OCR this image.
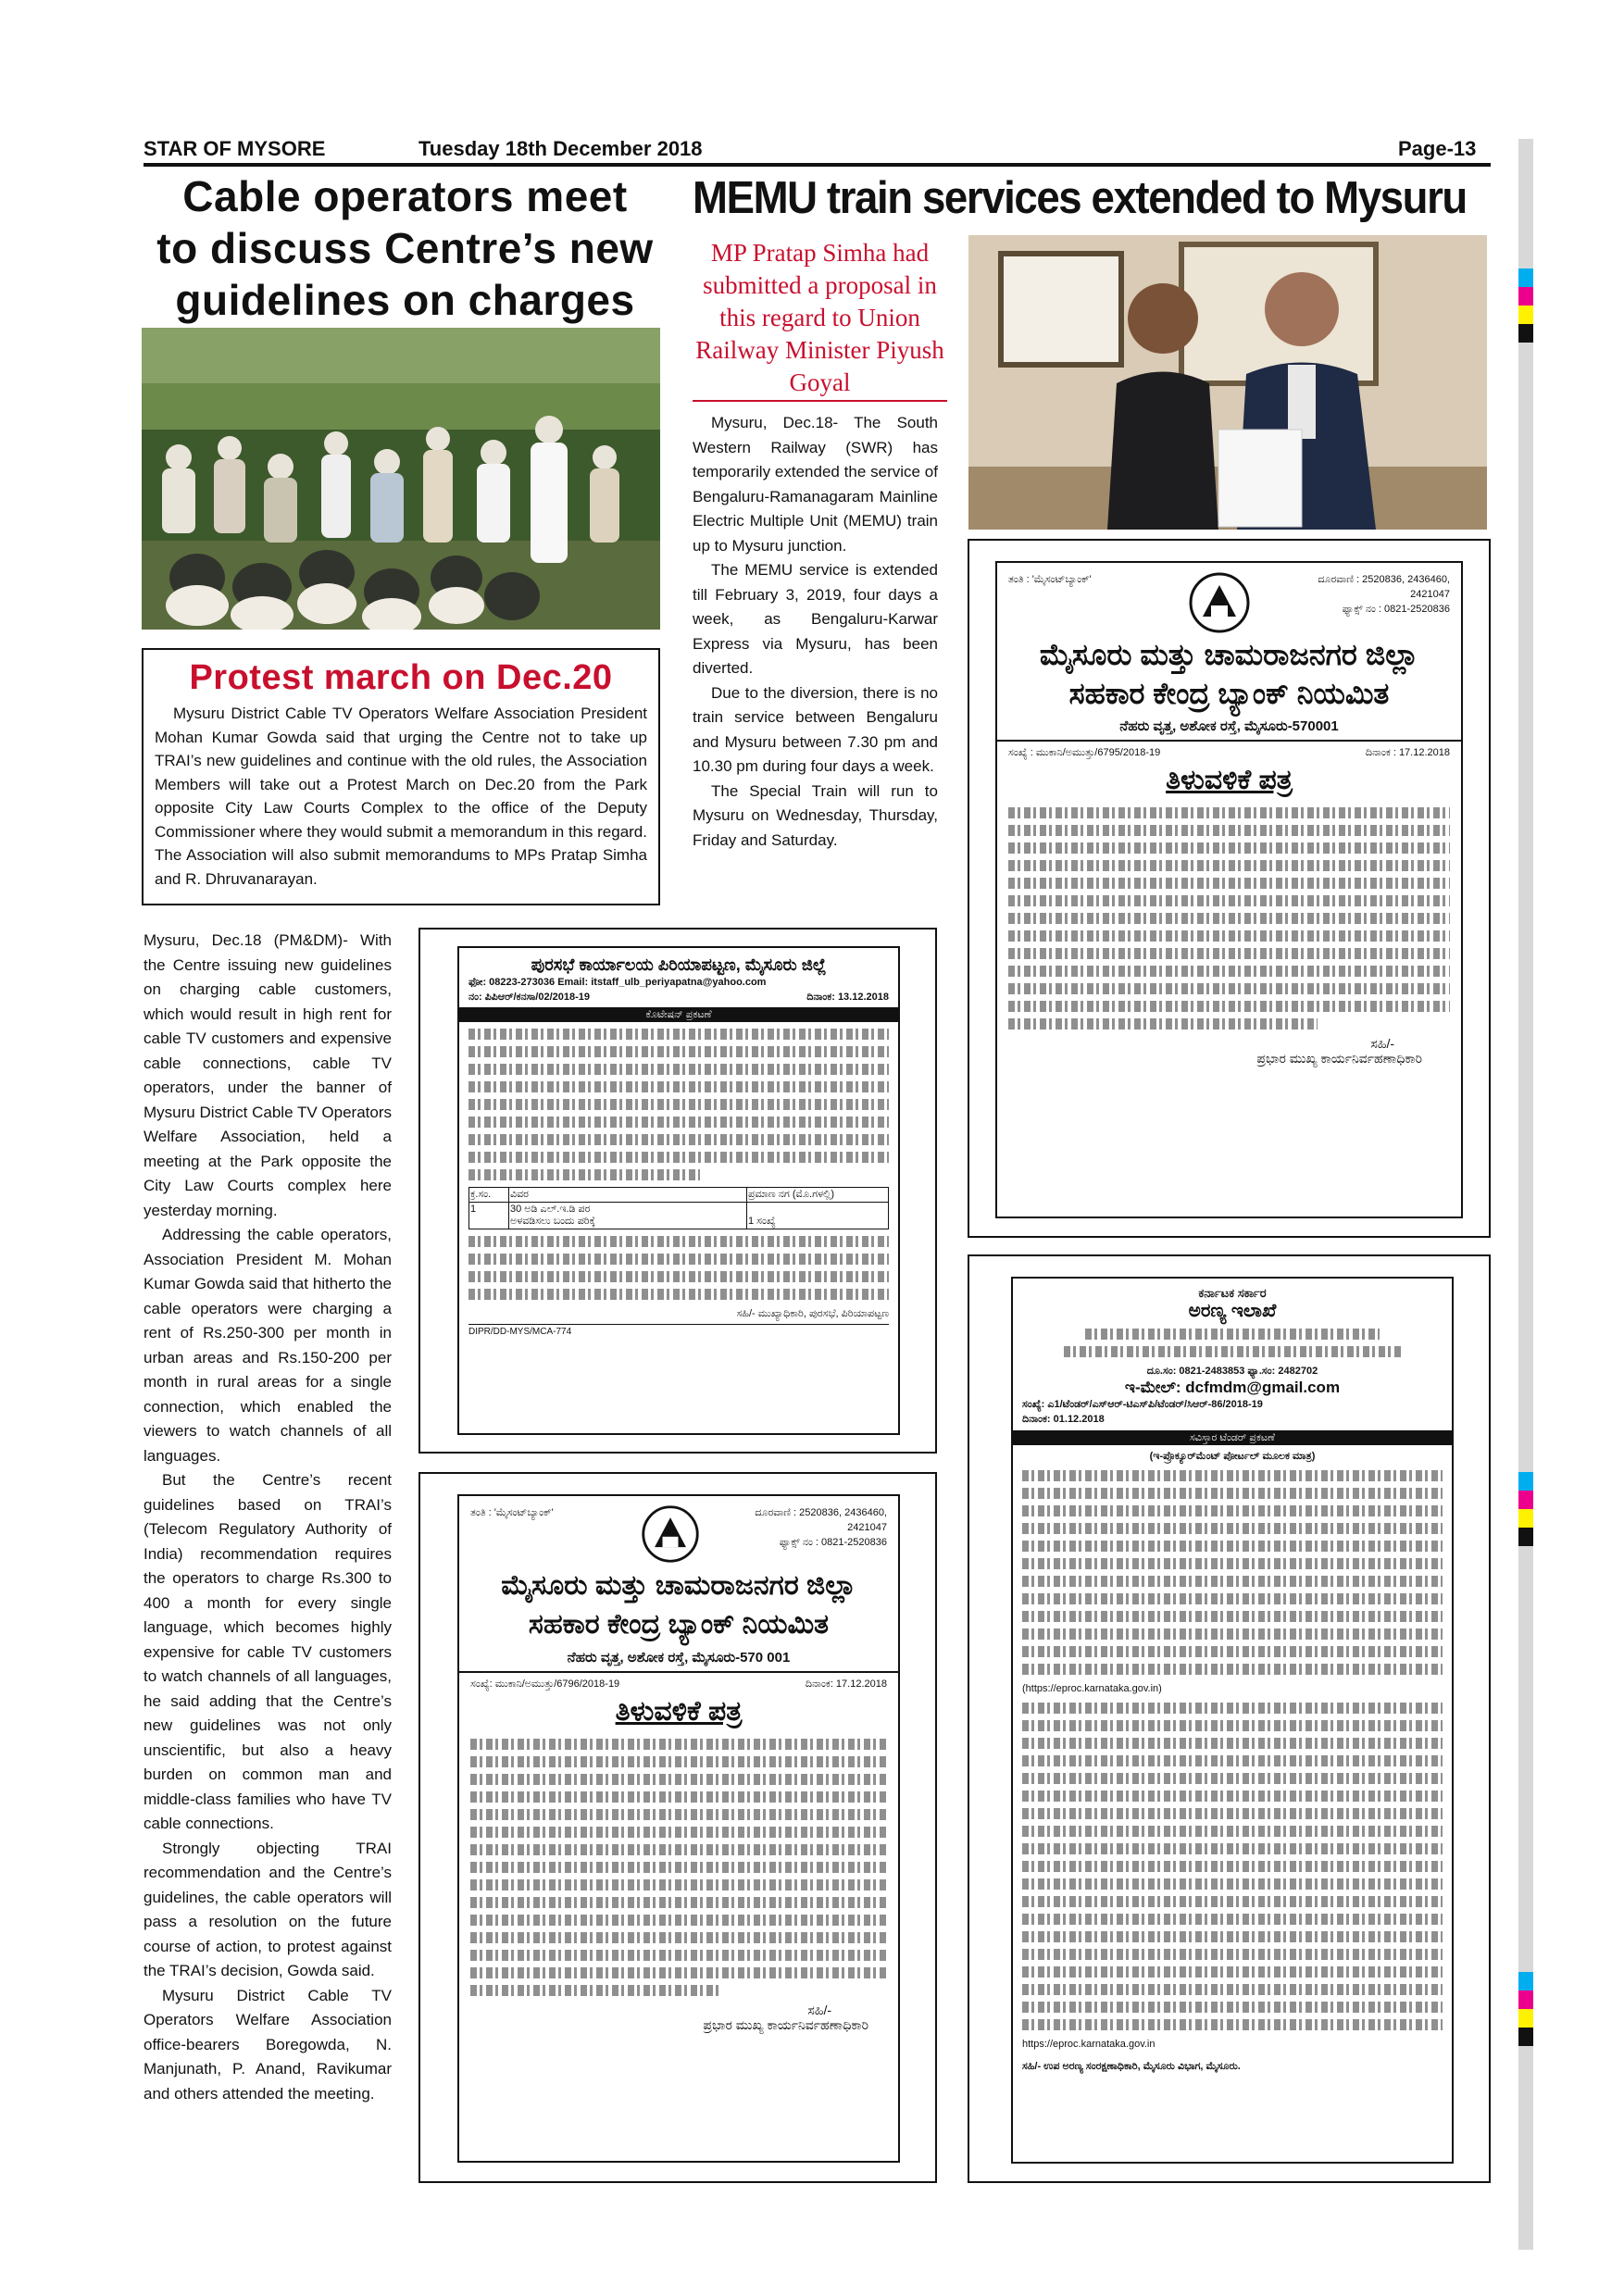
STAR OF MYSORE	Tuesday 18th December 2018	Page-13
Cable operators meet
to discuss Centre’s new
guidelines on charges
Protest march on Dec.20
Mysuru District Cable TV Operators Welfare Association President Mohan Kumar Gowda said that urging the Centre not to take up TRAI’s new guidelines and continue with the old rules, the Association Members will take out a Protest March on Dec.20 from the Park opposite City Law Courts Complex to the office of the Deputy Commissioner where they would submit a memorandum in this regard. The Association will also submit memorandums to MPs Pratap Simha and R. Dhruvanarayan.

Mysuru, Dec.18 (PM&DM)- With the Centre issuing new guidelines on charging cable customers, which would result in high rent for cable TV customers and expensive cable connections, cable TV operators, under the banner of Mysuru District Cable TV Operators Welfare Association, held a meeting at the Park opposite the City Law Courts complex here yesterday morning.

Addressing the cable operators, Association President M. Mohan Kumar Gowda said that hitherto the cable operators were charging a rent of Rs.250-300 per month in urban areas and Rs.150-200 per month in rural areas for a single connection, which enabled the viewers to watch channels of all languages.

But the Centre’s recent guidelines based on TRAI’s (Telecom Regulatory Authority of India) recommendation requires the operators to charge Rs.300 to 400 a month for every single language, which becomes highly expensive for cable TV customers to watch channels of all languages, he said adding that the Centre’s new guidelines was not only unscientific, but also a heavy burden on common man and middle-class families who have TV cable connections.

Strongly objecting TRAI recommendation and the Centre’s guidelines, the cable operators will pass a resolution on the future course of action, to protest against the TRAI’s decision, Gowda said.

Mysuru District Cable TV Operators Welfare Association office-bearers Boregowda, N. Manjunath, P. Anand, Ravikumar and others attended the meeting.

MEMU train services extended to Mysuru
MP Pratap Simha had submitted a proposal in this regard to Union Railway Minister Piyush Goyal

Mysuru, Dec.18- The South Western Railway (SWR) has temporarily extended the service of Bengaluru-Ramanagaram Mainline Electric Multiple Unit (MEMU) train up to Mysuru junction.

The MEMU service is extended till February 3, 2019, four days a week, as Bengaluru-Karwar Express via Mysuru, has been diverted.

Due to the diversion, there is no train service between Bengaluru and Mysuru between 7.30 pm and 10.30 pm during four days a week.

The Special Train will run to Mysuru on Wednesday, Thursday, Friday and Saturday.

ತಂತಿ : 'ಮೈಸಂಟ್‌ಬ್ಯಾಂಕ್'	ದೂರವಾಣಿ : 2520836, 2436460, 2421047
ಫ್ಯಾಕ್ಸ್ ನಂ : 0821-2520836
ಮೈಸೂರು ಮತ್ತು ಚಾಮರಾಜನಗರ ಜಿಲ್ಲಾ
ಸಹಕಾರ ಕೇಂದ್ರ ಬ್ಯಾಂಕ್ ನಿಯಮಿತ
ನೆಹರು ವೃತ್ತ, ಅಶೋಕ ರಸ್ತೆ, ಮೈಸೂರು-570001
ಸಂಖ್ಯೆ : ಮುಕಾನಿ/ಅಮುತ್ತು/6795/2018-19	ದಿನಾಂಕ : 17.12.2018
ತಿಳುವಳಿಕೆ ಪತ್ರ
ಸಹಿ/-
ಪ್ರಭಾರ ಮುಖ್ಯ ಕಾರ್ಯನಿರ್ವಹಣಾಧಿಕಾರಿ
ಪುರಸಭೆ ಕಾರ್ಯಾಲಯ ಪಿರಿಯಾಪಟ್ಟಣ, ಮೈಸೂರು ಜಿಲ್ಲೆ
ಫೋ: 08223-273036 Email: itstaff_ulb_periyapatna@yahoo.com
ನಂ: ಪಿಪಿಆರ್/ಕನಸಾ/02/2018-19	ದಿನಾಂಕ: 13.12.2018
ಕೊಟೇಷನ್ ಪ್ರಕಟಣೆ
ಕ್ರ.ಸಂ.	ವಿವರ	ಪ್ರಮಾಣ ನಗ (ಮೊ.ಗಳಲ್ಲಿ)
1	30 ಅಡಿ ಎಲ್.ಇ.ಡಿ ಪರ
ಅಳವಡಿಸಲು ಬಂದು ಪರಿಕ್ಕೆ	1 ಸಂಖ್ಯೆ
ಸಹಿ/- ಮುಖ್ಯಾಧಿಕಾರಿ, ಪುರಸಭೆ, ಪಿರಿಯಾಪಟ್ಟಣ
DIPR/DD-MYS/MCA-774
ತಂತಿ : 'ಮೈಸಂಟ್‌ಬ್ಯಾಂಕ್'	ದೂರವಾಣಿ : 2520836, 2436460, 2421047
ಫ್ಯಾಕ್ಸ್ ನಂ : 0821-2520836
ಮೈಸೂರು ಮತ್ತು ಚಾಮರಾಜನಗರ ಜಿಲ್ಲಾ
ಸಹಕಾರ ಕೇಂದ್ರ ಬ್ಯಾಂಕ್ ನಿಯಮಿತ
ನೆಹರು ವೃತ್ತ, ಅಶೋಕ ರಸ್ತೆ, ಮೈಸೂರು-570 001
ಸಂಖ್ಯೆ: ಮುಕಾನಿ/ಅಮುತ್ತು/6796/2018-19	ದಿನಾಂಕ: 17.12.2018
ತಿಳುವಳಿಕೆ ಪತ್ರ
ಸಹಿ/-
ಪ್ರಭಾರ ಮುಖ್ಯ ಕಾರ್ಯನಿರ್ವಹಣಾಧಿಕಾರಿ
ಕರ್ನಾಟಕ ಸರ್ಕಾರ
ಅರಣ್ಯ ಇಲಾಖೆ
ದೂ.ಸಂ: 0821-2483853 ಫ್ಯಾ.ಸಂ: 2482702
ಇ-ಮೇಲ್: dcfmdm@gmail.com
ಸಂಖ್ಯೆ: ಎ1/ಟೆಂಡರ್/ಎಸ್‌ಆರ್-ಟಿಎಸ್‌ಪಿ/ಟೆಂಡರ್/ಸಿಆರ್-86/2018-19
ದಿನಾಂಕ: 01.12.2018
ಸವಿಸ್ತಾರ ಟೆಂಡರ್ ಪ್ರಕಟಣೆ
(ಇ-ಪ್ರೊಕ್ಯೂರ್‌ಮೆಂಟ್ ಪೋರ್ಟಲ್ ಮೂಲಕ ಮಾತ್ರ)
(https://eproc.karnataka.gov.in)
https://eproc.karnataka.gov.in
ಸಹಿ/- ಉಪ ಅರಣ್ಯ ಸಂರಕ್ಷಣಾಧಿಕಾರಿ, ಮೈಸೂರು ವಿಭಾಗ, ಮೈಸೂರು.
